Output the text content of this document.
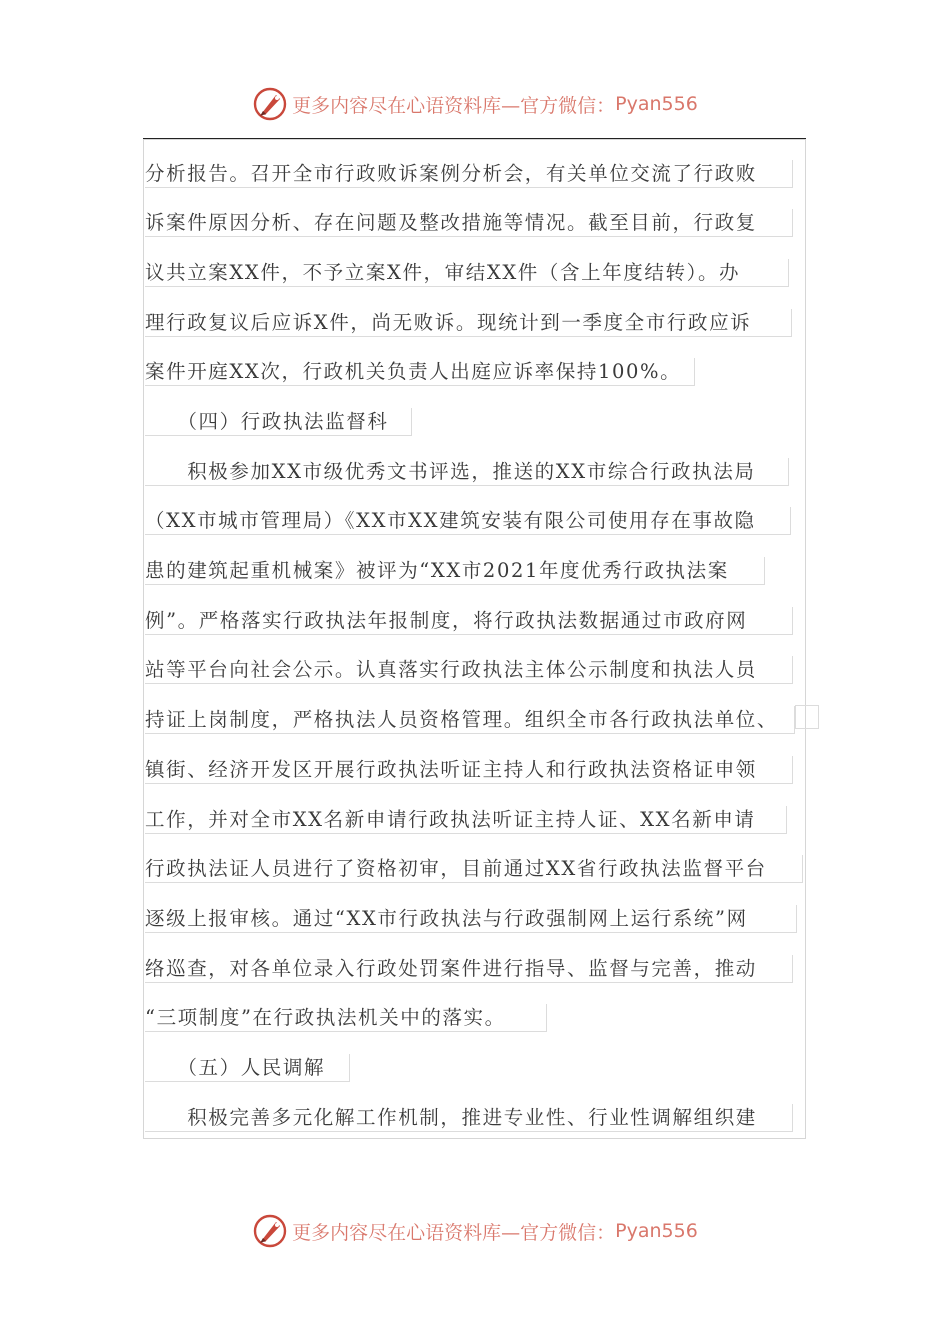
更多内容尽在心语资料库—官方微信： Pyan556
分析报告。召开全市行政败诉案例分析会，有关单位交流了行政败
诉案件原因分析、存在问题及整改措施等情况。截至目前，行政复
议共立案XX件，不予立案X件，审结XX件（含上年度结转）。办
理行政复议后应诉X件，尚无败诉。现统计到一季度全市行政应诉
案件开庭XX次，行政机关负责人出庭应诉率保持100%。
　　（四）行政执法监督科
　　积极参加XX市级优秀文书评选，推送的XX市综合行政执法局
（XX市城市管理局）《XX市XX建筑安装有限公司使用存在事故隐
患的建筑起重机械案》被评为“XX市2021年度优秀行政执法案
例”。严格落实行政执法年报制度，将行政执法数据通过市政府网
站等平台向社会公示。认真落实行政执法主体公示制度和执法人员
持证上岗制度，严格执法人员资格管理。组织全市各行政执法单位、
镇街、经济开发区开展行政执法听证主持人和行政执法资格证申领
工作，并对全市XX名新申请行政执法听证主持人证、XX名新申请
行政执法证人员进行了资格初审，目前通过XX省行政执法监督平台
逐级上报审核。通过“XX市行政执法与行政强制网上运行系统”网
络巡查，对各单位录入行政处罚案件进行指导、监督与完善，推动
“三项制度”在行政执法机关中的落实。
　　（五）人民调解
　　积极完善多元化解工作机制，推进专业性、行业性调解组织建
更多内容尽在心语资料库—官方微信： Pyan556
